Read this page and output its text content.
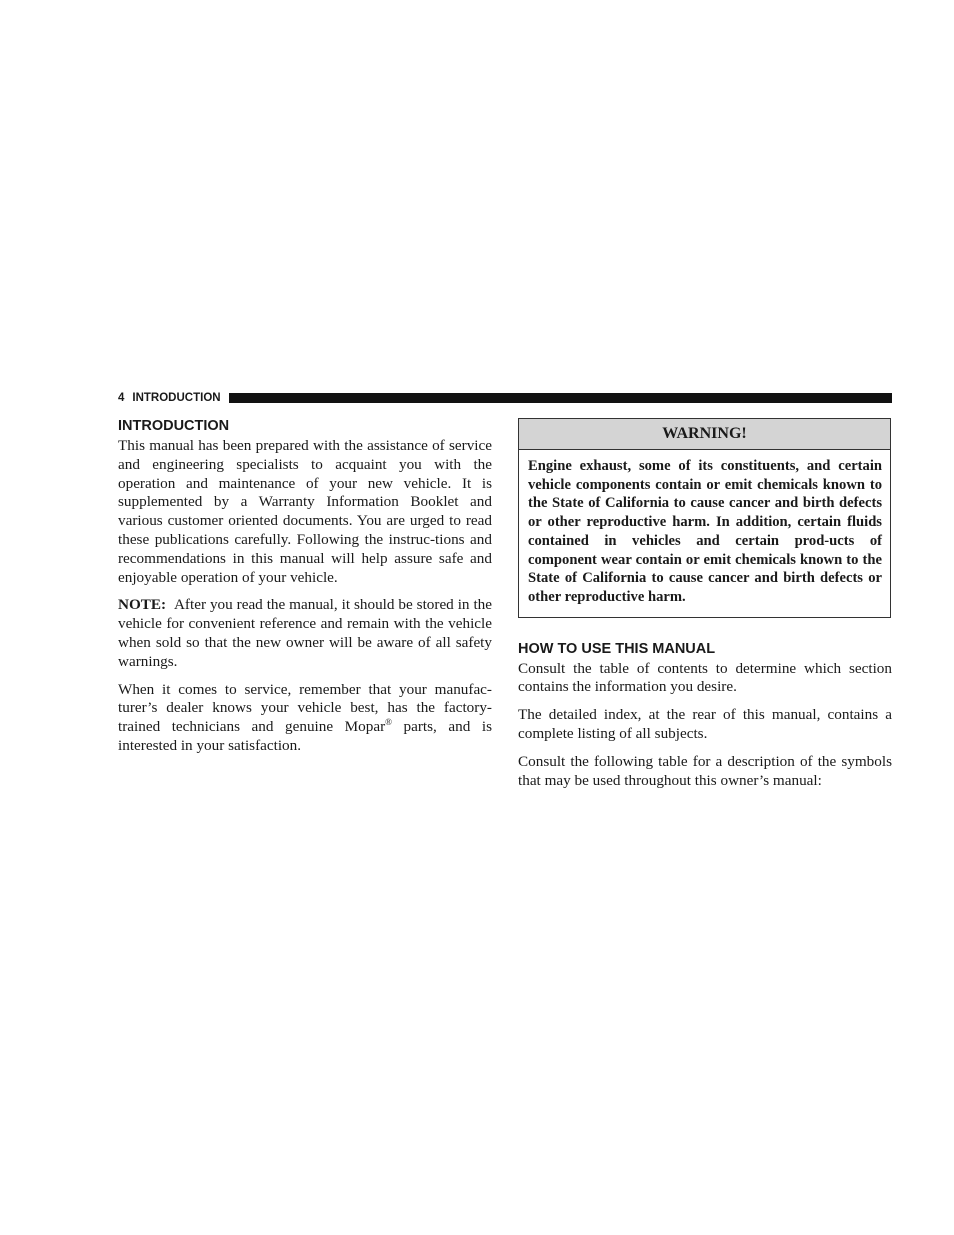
4 INTRODUCTION
INTRODUCTION

This manual has been prepared with the assistance of service and engineering specialists to acquaint you with the operation and maintenance of your new vehicle. It is supplemented by a Warranty Information Booklet and various customer oriented documents. You are urged to read these publications carefully. Following the instruc-tions and recommendations in this manual will help assure safe and enjoyable operation of your vehicle.

NOTE: After you read the manual, it should be stored in the vehicle for convenient reference and remain with the vehicle when sold so that the new owner will be aware of all safety warnings.

When it comes to service, remember that your manufac-turer’s dealer knows your vehicle best, has the factory-trained technicians and genuine Mopar® parts, and is interested in your satisfaction.

WARNING!
Engine exhaust, some of its constituents, and certain vehicle components contain or emit chemicals known to the State of California to cause cancer and birth defects or other reproductive harm. In addition, certain fluids contained in vehicles and certain prod-ucts of component wear contain or emit chemicals known to the State of California to cause cancer and birth defects or other reproductive harm.
HOW TO USE THIS MANUAL

Consult the table of contents to determine which section contains the information you desire.

The detailed index, at the rear of this manual, contains a complete listing of all subjects.

Consult the following table for a description of the symbols that may be used throughout this owner’s manual:
